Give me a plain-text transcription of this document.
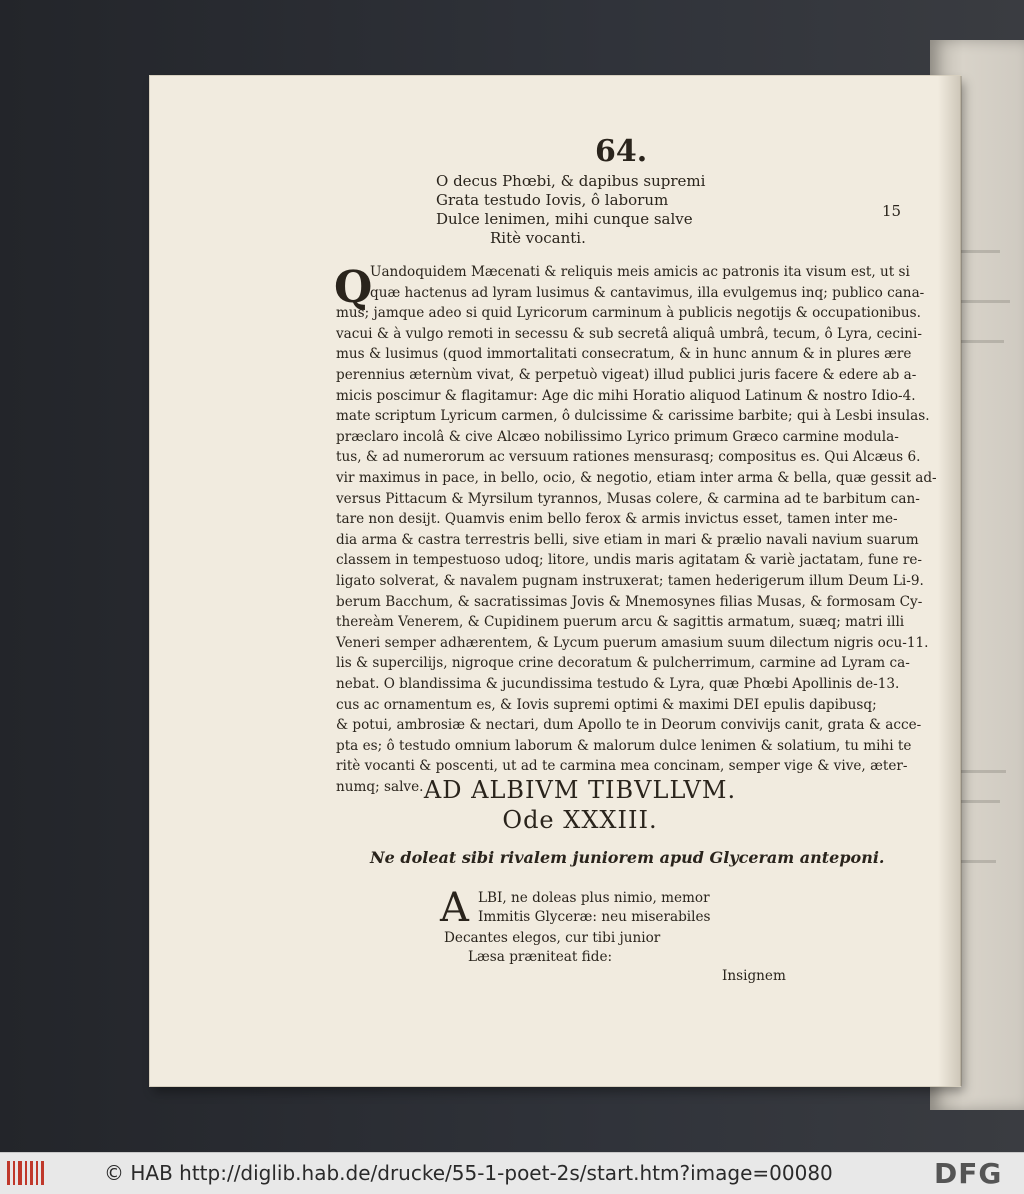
64.
15
O decus Phœbi, & dapibus supremi
Grata testudo Iovis, ô laborum
Dulce lenimen, mihi cunque salve
Ritè vocanti.
Q
Uandoquidem Mæcenati & reliquis meis amicis ac patronis ita visum est, ut si
quæ hactenus ad lyram lusimus & cantavimus, illa evulgemus inq; publico cana-
mus; jamque adeo si quid Lyricorum carminum à publicis negotijs & occupationibus.
vacui & à vulgo remoti in secessu & sub secretâ aliquâ umbrâ, tecum, ô Lyra, cecini-
mus & lusimus (quod immortalitati consecratum, & in hunc annum & in plures ære
perennius æternùm vivat, & perpetuò vigeat) illud publici juris facere & edere ab a-
micis poscimur & flagitamur: Age dic mihi Horatio aliquod Latinum & nostro Idio-4.
mate scriptum Lyricum carmen, ô dulcissime & carissime barbite; qui à Lesbi insulas.
præclaro incolâ & cive Alcæo nobilissimo Lyrico primum Græco carmine modula-
tus, & ad numerorum ac versuum rationes mensurasq; compositus es. Qui Alcæus 6.
vir maximus in pace, in bello, ocio, & negotio, etiam inter arma & bella, quæ gessit ad-
versus Pittacum & Myrsilum tyrannos, Musas colere, & carmina ad te barbitum can-
tare non desijt. Quamvis enim bello ferox & armis invictus esset, tamen inter me-
dia arma & castra terrestris belli, sive etiam in mari & prælio navali navium suarum
classem in tempestuoso udoq; litore, undis maris agitatam & variè jactatam, fune re-
ligato solverat, & navalem pugnam instruxerat; tamen hederigerum illum Deum Li-9.
berum Bacchum, & sacratissimas Jovis & Mnemosynes filias Musas, & formosam Cy-
thereàm Venerem, & Cupidinem puerum arcu & sagittis armatum, suæq; matri illi
Veneri semper adhærentem, & Lycum puerum amasium suum dilectum nigris ocu-11.
lis & supercilijs, nigroque crine decoratum & pulcherrimum, carmine ad Lyram ca-
nebat. O blandissima & jucundissima testudo & Lyra, quæ Phœbi Apollinis de-13.
cus ac ornamentum es, & Iovis supremi optimi & maximi DEI epulis dapibusq;
& potui, ambrosiæ & nectari, dum Apollo te in Deorum convivijs canit, grata & acce-
pta es; ô testudo omnium laborum & malorum dulce lenimen & solatium, tu mihi te
ritè vocanti & poscenti, ut ad te carmina mea concinam, semper vige & vive, æter-
numq; salve. AD ALBIVM TIBVLLVM.
Ode XXXIII.
Ne doleat sibi rivalem juniorem apud Glyceram anteponi.
A LBI, ne doleas plus nimio, memor
Immitis Glyceræ: neu miserabiles
Decantes elegos, cur tibi junior
Læsa præniteat fide:
Insignem
© HAB http://diglib.hab.de/drucke/55-1-poet-2s/start.htm?image=00080	DFG
